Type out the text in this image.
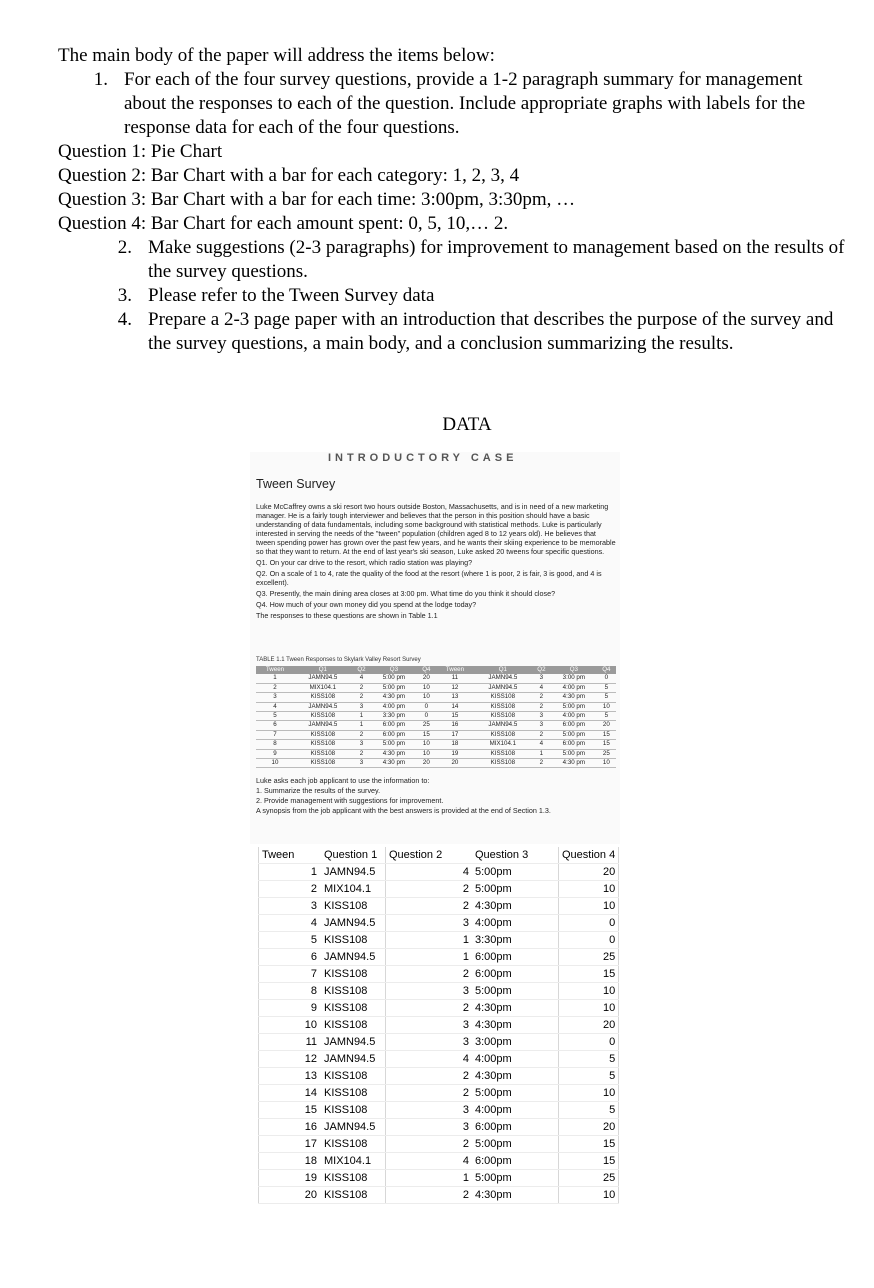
The main body of the paper will address the items below:

1. For each of the four survey questions, provide a 1-2 paragraph summary for management about the responses to each of the question. Include appropriate graphs with labels for the response data for each of the four questions.

Question 1: Pie Chart

Question 2: Bar Chart with a bar for each category: 1, 2, 3, 4

Question 3: Bar Chart with a bar for each time: 3:00pm, 3:30pm, …

Question 4: Bar Chart for each amount spent: 0, 5, 10,… 2.

2. Make suggestions (2-3 paragraphs) for improvement to management based on the results of the survey questions.
3. Please refer to the Tween Survey data
4. Prepare a 2-3 page paper with an introduction that describes the purpose of the survey and the survey questions, a main body, and a conclusion summarizing the results.
DATA
INTRODUCTORY CASE
Tween Survey

Luke McCaffrey owns a ski resort two hours outside Boston, Massachusetts, and is in need of a new marketing manager. He is a fairly tough interviewer and believes that the person in this position should have a basic understanding of data fundamentals, including some background with statistical methods. Luke is particularly interested in serving the needs of the "tween" population (children aged 8 to 12 years old). He believes that tween spending power has grown over the past few years, and he wants their skiing experience to be memorable so that they want to return. At the end of last year's ski season, Luke asked 20 tweens four specific questions.

Q1. On your car drive to the resort, which radio station was playing?

Q2. On a scale of 1 to 4, rate the quality of the food at the resort (where 1 is poor, 2 is fair, 3 is good, and 4 is excellent).

Q3. Presently, the main dining area closes at 3:00 pm. What time do you think it should close?

Q4. How much of your own money did you spend at the lodge today?

The responses to these questions are shown in Table 1.1

TABLE 1.1 Tween Responses to Skylark Valley Resort Survey
Tween	Q1	Q2	Q3	Q4	Tween	Q1	Q2	Q3	Q4
1	JAMN94.5	4	5:00 pm	20	11	JAMN94.5	3	3:00 pm	0
2	MIX104.1	2	5:00 pm	10	12	JAMN94.5	4	4:00 pm	5
3	KISS108	2	4:30 pm	10	13	KISS108	2	4:30 pm	5
4	JAMN94.5	3	4:00 pm	0	14	KISS108	2	5:00 pm	10
5	KISS108	1	3:30 pm	0	15	KISS108	3	4:00 pm	5
6	JAMN94.5	1	6:00 pm	25	16	JAMN94.5	3	6:00 pm	20
7	KISS108	2	6:00 pm	15	17	KISS108	2	5:00 pm	15
8	KISS108	3	5:00 pm	10	18	MIX104.1	4	6:00 pm	15
9	KISS108	2	4:30 pm	10	19	KISS108	1	5:00 pm	25
10	KISS108	3	4:30 pm	20	20	KISS108	2	4:30 pm	10

Luke asks each job applicant to use the information to:

1. Summarize the results of the survey.

2. Provide management with suggestions for improvement.

A synopsis from the job applicant with the best answers is provided at the end of Section 1.3.

Tween	Question 1	Question 2	Question 3	Question 4
1	JAMN94.5	4	5:00pm	20
2	MIX104.1	2	5:00pm	10
3	KISS108	2	4:30pm	10
4	JAMN94.5	3	4:00pm	0
5	KISS108	1	3:30pm	0
6	JAMN94.5	1	6:00pm	25
7	KISS108	2	6:00pm	15
8	KISS108	3	5:00pm	10
9	KISS108	2	4:30pm	10
10	KISS108	3	4:30pm	20
11	JAMN94.5	3	3:00pm	0
12	JAMN94.5	4	4:00pm	5
13	KISS108	2	4:30pm	5
14	KISS108	2	5:00pm	10
15	KISS108	3	4:00pm	5
16	JAMN94.5	3	6:00pm	20
17	KISS108	2	5:00pm	15
18	MIX104.1	4	6:00pm	15
19	KISS108	1	5:00pm	25
20	KISS108	2	4:30pm	10
